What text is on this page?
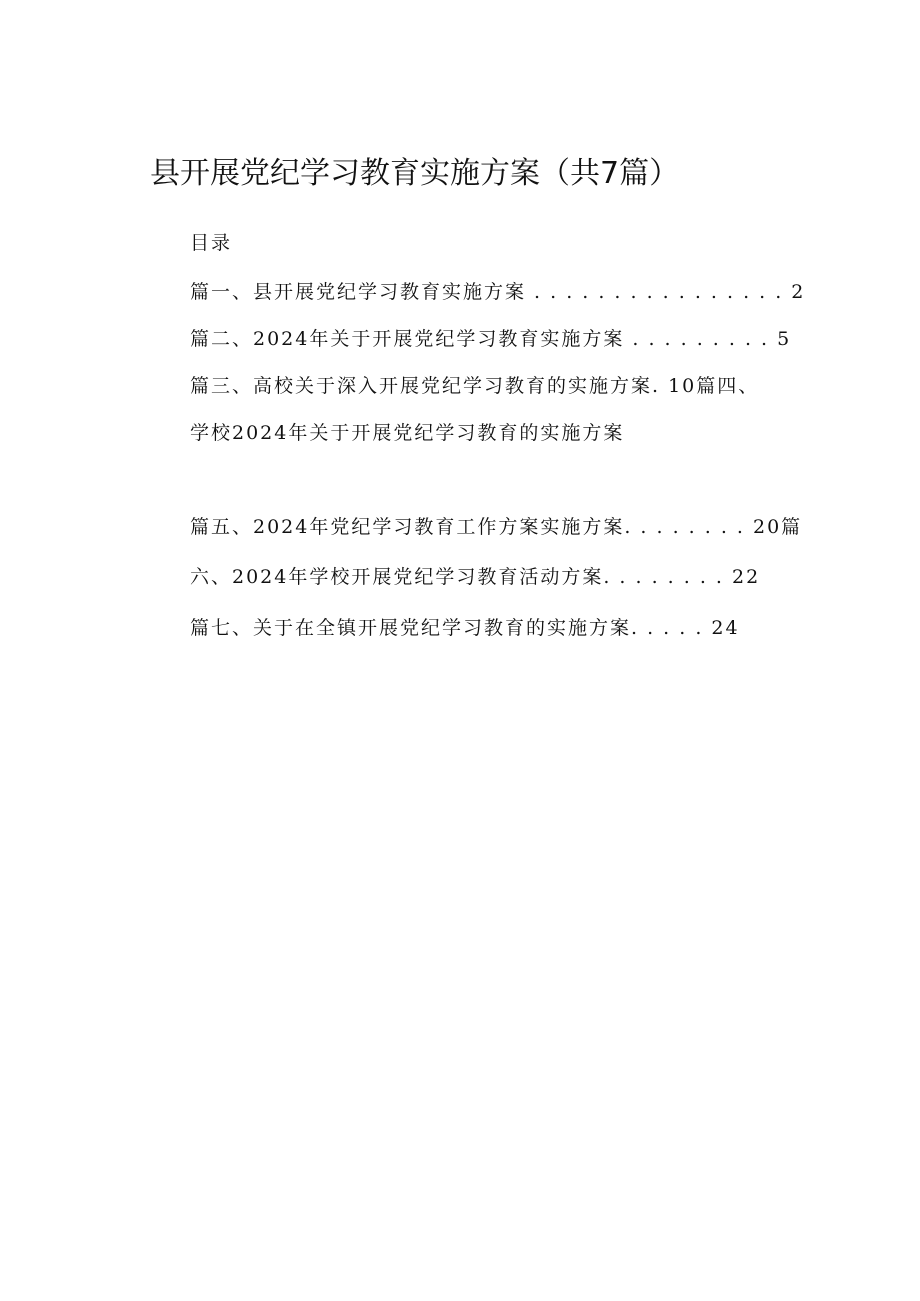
县开展党纪学习教育实施方案（共7篇）
目录
篇一、县开展党纪学习教育实施方案 . . . . . . . . . . . . . . . . 2
篇二、2024年关于开展党纪学习教育实施方案 . . . . . . . . . 5
篇三、高校关于深入开展党纪学习教育的实施方案. 10篇四、
学校2024年关于开展党纪学习教育的实施方案
篇五、2024年党纪学习教育工作方案实施方案. . . . . . . . 20篇
六、2024年学校开展党纪学习教育活动方案. . . . . . . . 22
篇七、关于在全镇开展党纪学习教育的实施方案. . . . . 24
